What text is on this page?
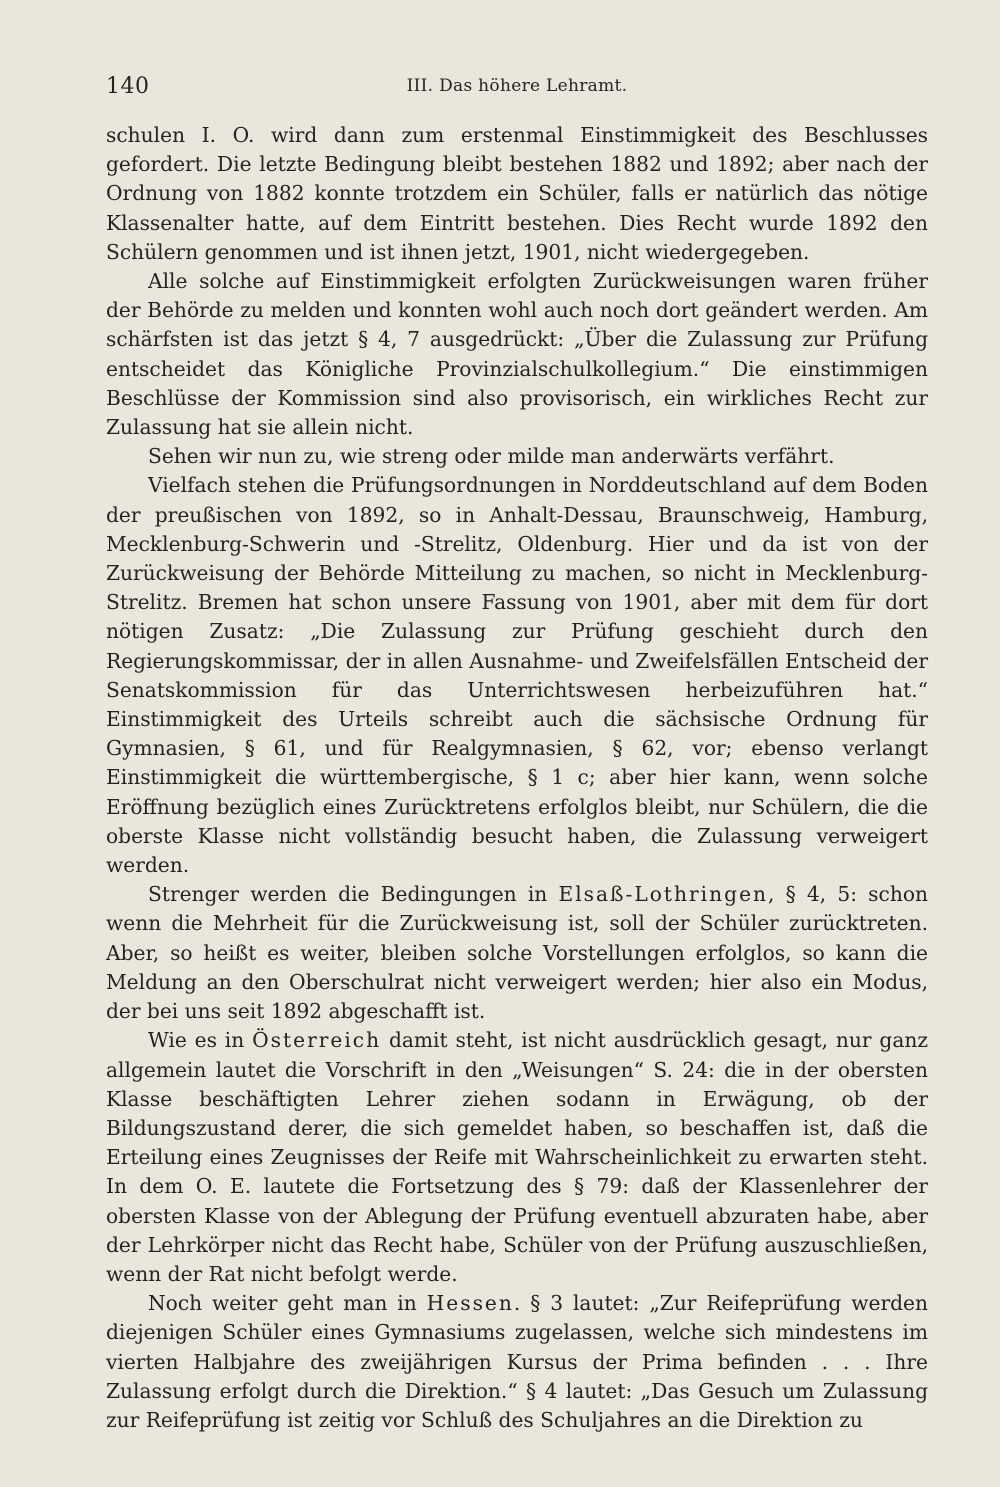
140	III. Das höhere Lehramt.

schulen I. O. wird dann zum erstenmal Einstimmigkeit des Beschlusses gefordert. Die letzte Bedingung bleibt bestehen 1882 und 1892; aber nach der Ordnung von 1882 konnte trotzdem ein Schüler, falls er natürlich das nötige Klassenalter hatte, auf dem Eintritt bestehen. Dies Recht wurde 1892 den Schülern genommen und ist ihnen jetzt, 1901, nicht wiedergegeben.

Alle solche auf Einstimmigkeit erfolgten Zurückweisungen waren früher der Behörde zu melden und konnten wohl auch noch dort geändert werden. Am schärfsten ist das jetzt § 4, 7 ausgedrückt: „Über die Zulassung zur Prüfung entscheidet das Königliche Provinzialschulkollegium.“ Die einstimmigen Beschlüsse der Kommission sind also provisorisch, ein wirkliches Recht zur Zulassung hat sie allein nicht.

Sehen wir nun zu, wie streng oder milde man anderwärts verfährt.

Vielfach stehen die Prüfungsordnungen in Norddeutschland auf dem Boden der preußischen von 1892, so in Anhalt-Dessau, Braunschweig, Hamburg, Mecklenburg-Schwerin und -Strelitz, Oldenburg. Hier und da ist von der Zurückweisung der Behörde Mitteilung zu machen, so nicht in Mecklenburg-Strelitz. Bremen hat schon unsere Fassung von 1901, aber mit dem für dort nötigen Zusatz: „Die Zulassung zur Prüfung geschieht durch den Regierungskommissar, der in allen Ausnahme- und Zweifelsfällen Entscheid der Senatskommission für das Unterrichtswesen herbeizuführen hat.“ Einstimmigkeit des Urteils schreibt auch die sächsische Ordnung für Gymnasien, § 61, und für Realgymnasien, § 62, vor; ebenso verlangt Einstimmigkeit die württembergische, § 1 c; aber hier kann, wenn solche Eröffnung bezüglich eines Zurücktretens erfolglos bleibt, nur Schülern, die die oberste Klasse nicht vollständig besucht haben, die Zulassung verweigert werden.

Strenger werden die Bedingungen in Elsaß-Lothringen, § 4, 5: schon wenn die Mehrheit für die Zurückweisung ist, soll der Schüler zurücktreten. Aber, so heißt es weiter, bleiben solche Vorstellungen erfolglos, so kann die Meldung an den Oberschulrat nicht verweigert werden; hier also ein Modus, der bei uns seit 1892 abgeschafft ist.

Wie es in Österreich damit steht, ist nicht ausdrücklich gesagt, nur ganz allgemein lautet die Vorschrift in den „Weisungen“ S. 24: die in der obersten Klasse beschäftigten Lehrer ziehen sodann in Erwägung, ob der Bildungszustand derer, die sich gemeldet haben, so beschaffen ist, daß die Erteilung eines Zeugnisses der Reife mit Wahrscheinlichkeit zu erwarten steht. In dem O. E. lautete die Fortsetzung des § 79: daß der Klassenlehrer der obersten Klasse von der Ablegung der Prüfung eventuell abzuraten habe, aber der Lehrkörper nicht das Recht habe, Schüler von der Prüfung auszuschließen, wenn der Rat nicht befolgt werde.

Noch weiter geht man in Hessen. § 3 lautet: „Zur Reifeprüfung werden diejenigen Schüler eines Gymnasiums zugelassen, welche sich mindestens im vierten Halbjahre des zweijährigen Kursus der Prima befinden . . . Ihre Zulassung erfolgt durch die Direktion.“ § 4 lautet: „Das Gesuch um Zulassung zur Reifeprüfung ist zeitig vor Schluß des Schuljahres an die Direktion zu
